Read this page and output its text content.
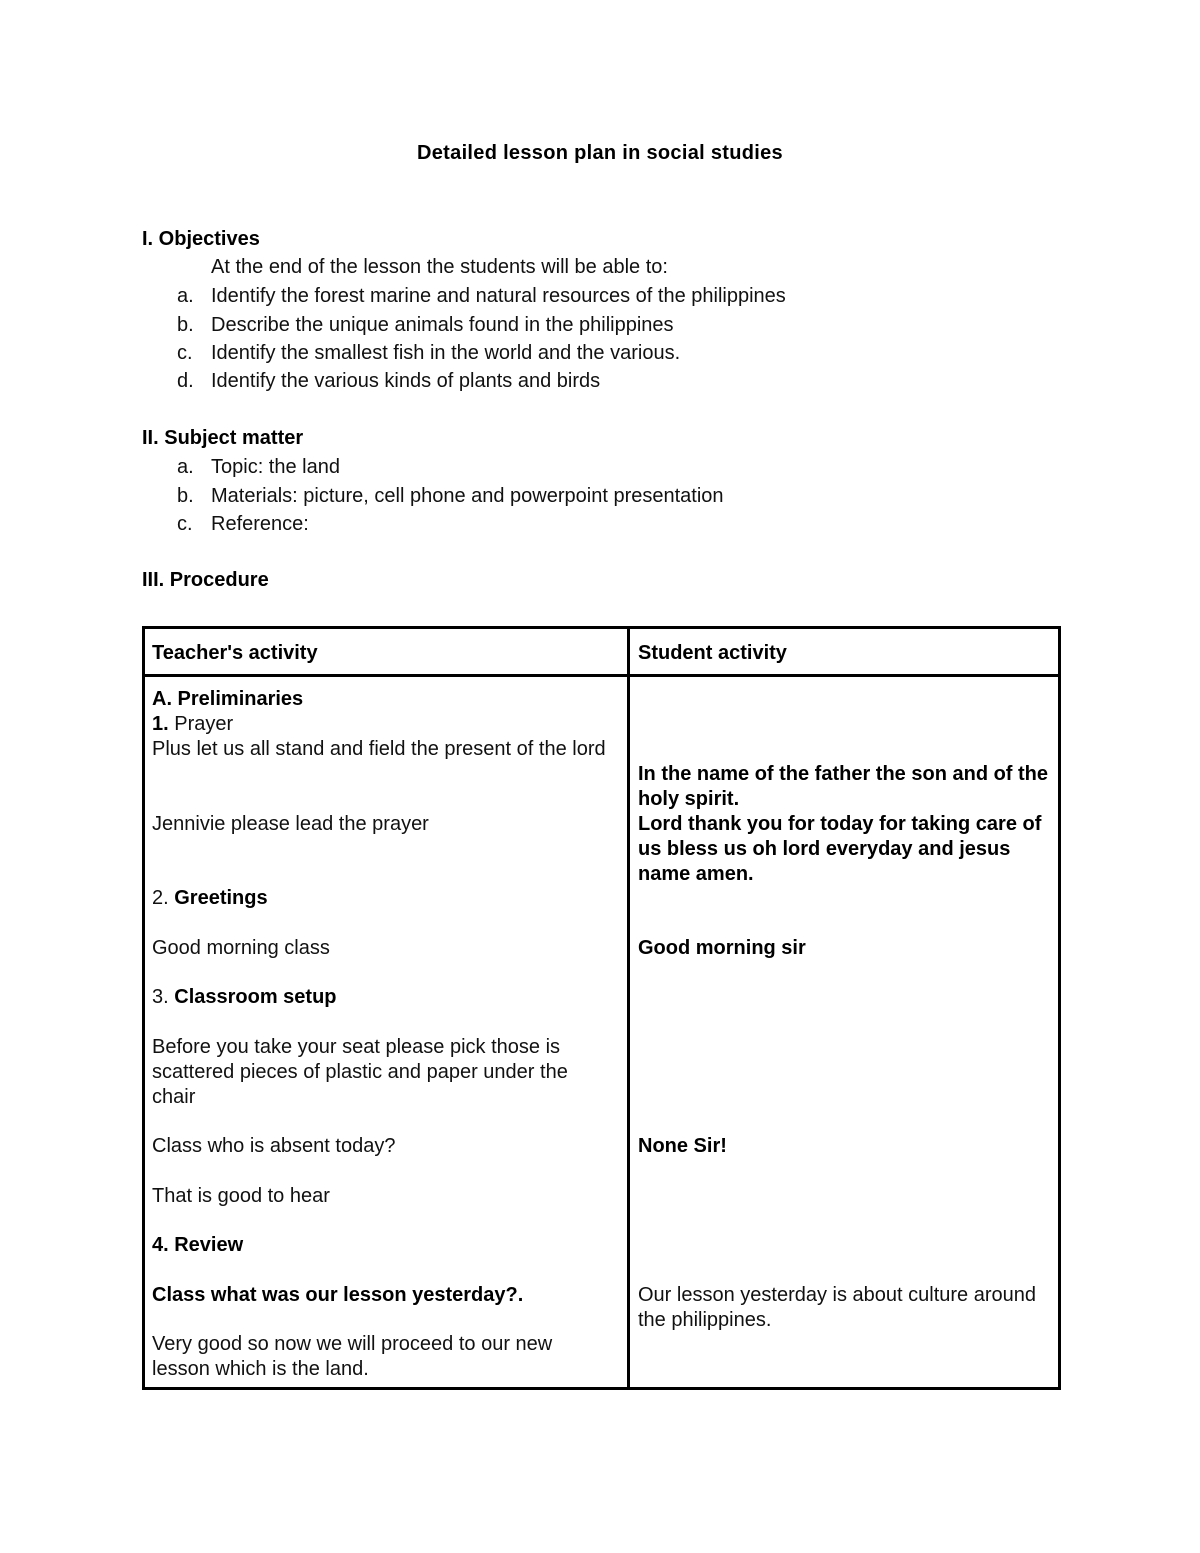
Detailed lesson plan in social studies
I. Objectives
At the end of the lesson the students will be able to:
a. Identify the forest marine and natural resources of the philippines
b. Describe the unique animals found in the philippines
c. Identify the smallest fish in the world and the various.
d. Identify the various kinds of plants and birds
II. Subject matter
a. Topic: the land
b. Materials: picture, cell phone and powerpoint presentation
c. Reference:
III. Procedure
Teacher's activity	Student activity
A. Preliminaries
1. Prayer
Plus let us all stand and field the present of the lord
Jennivie please lead the prayer
2. Greetings
Good morning class
3. Classroom setup
Before you take your seat please pick those is scattered pieces of plastic and paper under the chair
Class who is absent today?
That is good to hear
4. Review
Class what was our lesson yesterday?.
Very good so now we will proceed to our new lesson which is the land.
In the name of the father the son and of the holy spirit.
Lord thank you for today for taking care of us bless us oh lord everyday and jesus name amen.
Good morning sir
None Sir!
Our lesson yesterday is about culture around the philippines.
